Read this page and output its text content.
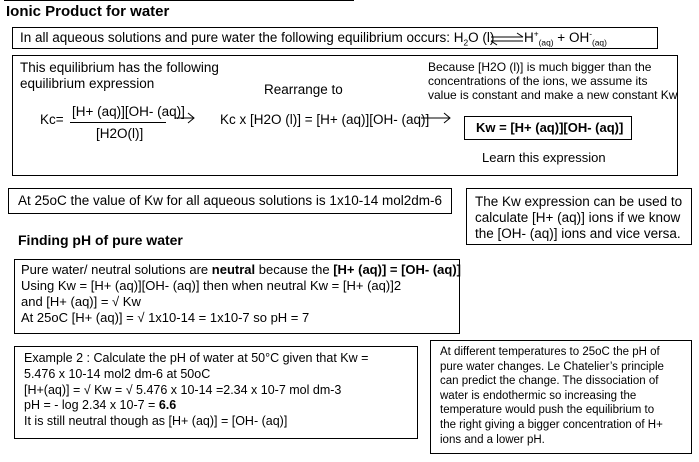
Ionic Product for water
In all aqueous solutions and pure water the following equilibrium occurs: $H_2O$ (l) ⇌ $H^+_{(aq)} + OH^-_{(aq)}$
This equilibrium has the following
equilibrium expression	Rearrange to
Because [H2O (l)] is much bigger than the
concentrations of the ions, we assume its
value is constant and make a new constant Kw
Kc=
[H+ (aq)][OH- (aq)]
[H2O(l)]
Kc x [H2O (l)] = [H+ (aq)][OH- (aq)]
Kw = [H+ (aq)][OH- (aq)]
Learn this expression
At 25oC the value of Kw for all aqueous solutions is 1x10-14 mol2dm-6 The Kw expression can be used to
calculate [H+ (aq)] ions if we know
the [OH- (aq)] ions and vice versa.
Finding pH of pure water
Pure water/ neutral solutions are neutral because the [H+ (aq)] = [OH- (aq)]
Using Kw = [H+ (aq)][OH- (aq)] then when neutral Kw = [H+ (aq)]2
and [H+ (aq)] = √ Kw
At 25oC [H+ (aq)] = √ 1x10-14 = 1x10-7 so pH = 7
Example 2 : Calculate the pH of water at 50°C given that Kw =
5.476 x 10-14 mol2 dm-6 at 50oC
[H+(aq)] = √ Kw = √ 5.476 x 10-14 =2.34 x 10-7 mol dm-3
pH = - log 2.34 x 10-7 = 6.6
It is still neutral though as [H+ (aq)] = [OH- (aq)]
At different temperatures to 25oC the pH of
pure water changes. Le Chatelier’s principle
can predict the change. The dissociation of
water is endothermic so increasing the
temperature would push the equilibrium to
the right giving a bigger concentration of H+
ions and a lower pH.
